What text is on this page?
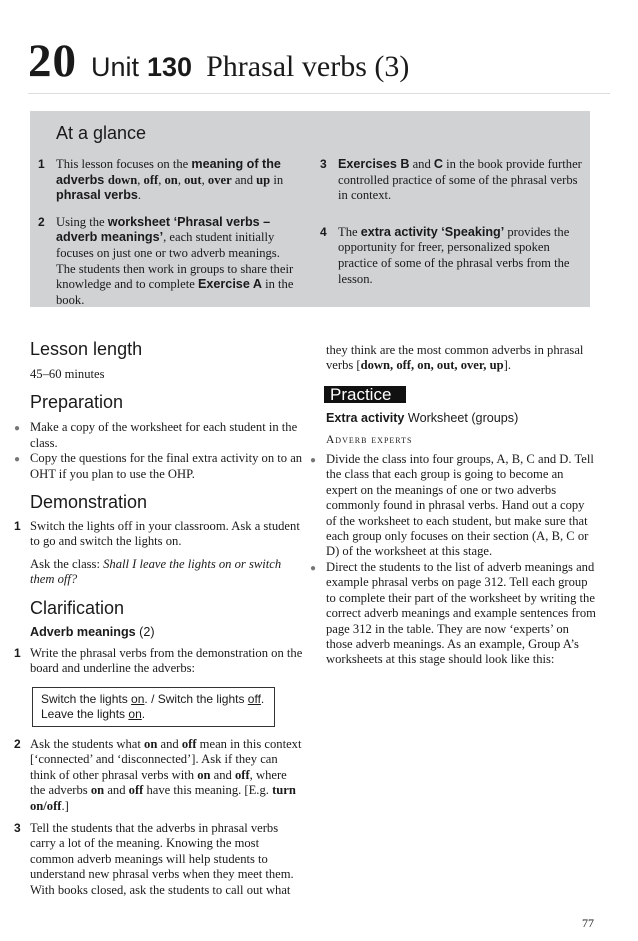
20 Unit 130 Phrasal verbs (3)
At a glance
1 This lesson focuses on the meaning of the adverbs down, off, on, out, over and up in phrasal verbs.
2 Using the worksheet ‘Phrasal verbs – adverb meanings’, each student initially focuses on just one or two adverb meanings. The students then work in groups to share their knowledge and to complete Exercise A in the book.
3 Exercises B and C in the book provide further controlled practice of some of the phrasal verbs in context.
4 The extra activity ‘Speaking’ provides the opportunity for freer, personalized spoken practice of some of the phrasal verbs from the lesson.
Lesson length

45–60 minutes

Preparation
● Make a copy of the worksheet for each student in the class.
● Copy the questions for the final extra activity on to an OHT if you plan to use the OHP.
Demonstration
1 Switch the lights off in your classroom. Ask a student to go and switch the lights on.

Ask the class: Shall I leave the lights on or switch them off?

Clarification

Adverb meanings (2)

1 Write the phrasal verbs from the demonstration on the board and underline the adverbs:
Switch the lights on. / Switch the lights off.
Leave the lights on.
2 Ask the students what on and off mean in this context [‘connected’ and ‘disconnected’]. Ask if they can think of other phrasal verbs with on and off, where the adverbs on and off have this meaning. [E.g. turn on/off.]
3 Tell the students that the adverbs in phrasal verbs carry a lot of the meaning. Knowing the most common adverb meanings will help students to understand new phrasal verbs when they meet them. With books closed, ask the students to call out what

they think are the most common adverbs in phrasal verbs [down, off, on, out, over, up].

Practice

Extra activity Worksheet (groups)

Adverb experts

● Divide the class into four groups, A, B, C and D. Tell the class that each group is going to become an expert on the meanings of one or two adverbs commonly found in phrasal verbs. Hand out a copy of the worksheet to each student, but make sure that each group only focuses on their section (A, B, C or D) of the worksheet at this stage.
● Direct the students to the list of adverb meanings and example phrasal verbs on page 312. Tell each group to complete their part of the worksheet by writing the correct adverb meanings and example sentences from page 312 in the table. They are now ‘experts’ on those adverb meanings. As an example, Group A’s worksheets at this stage should look like this:
77
